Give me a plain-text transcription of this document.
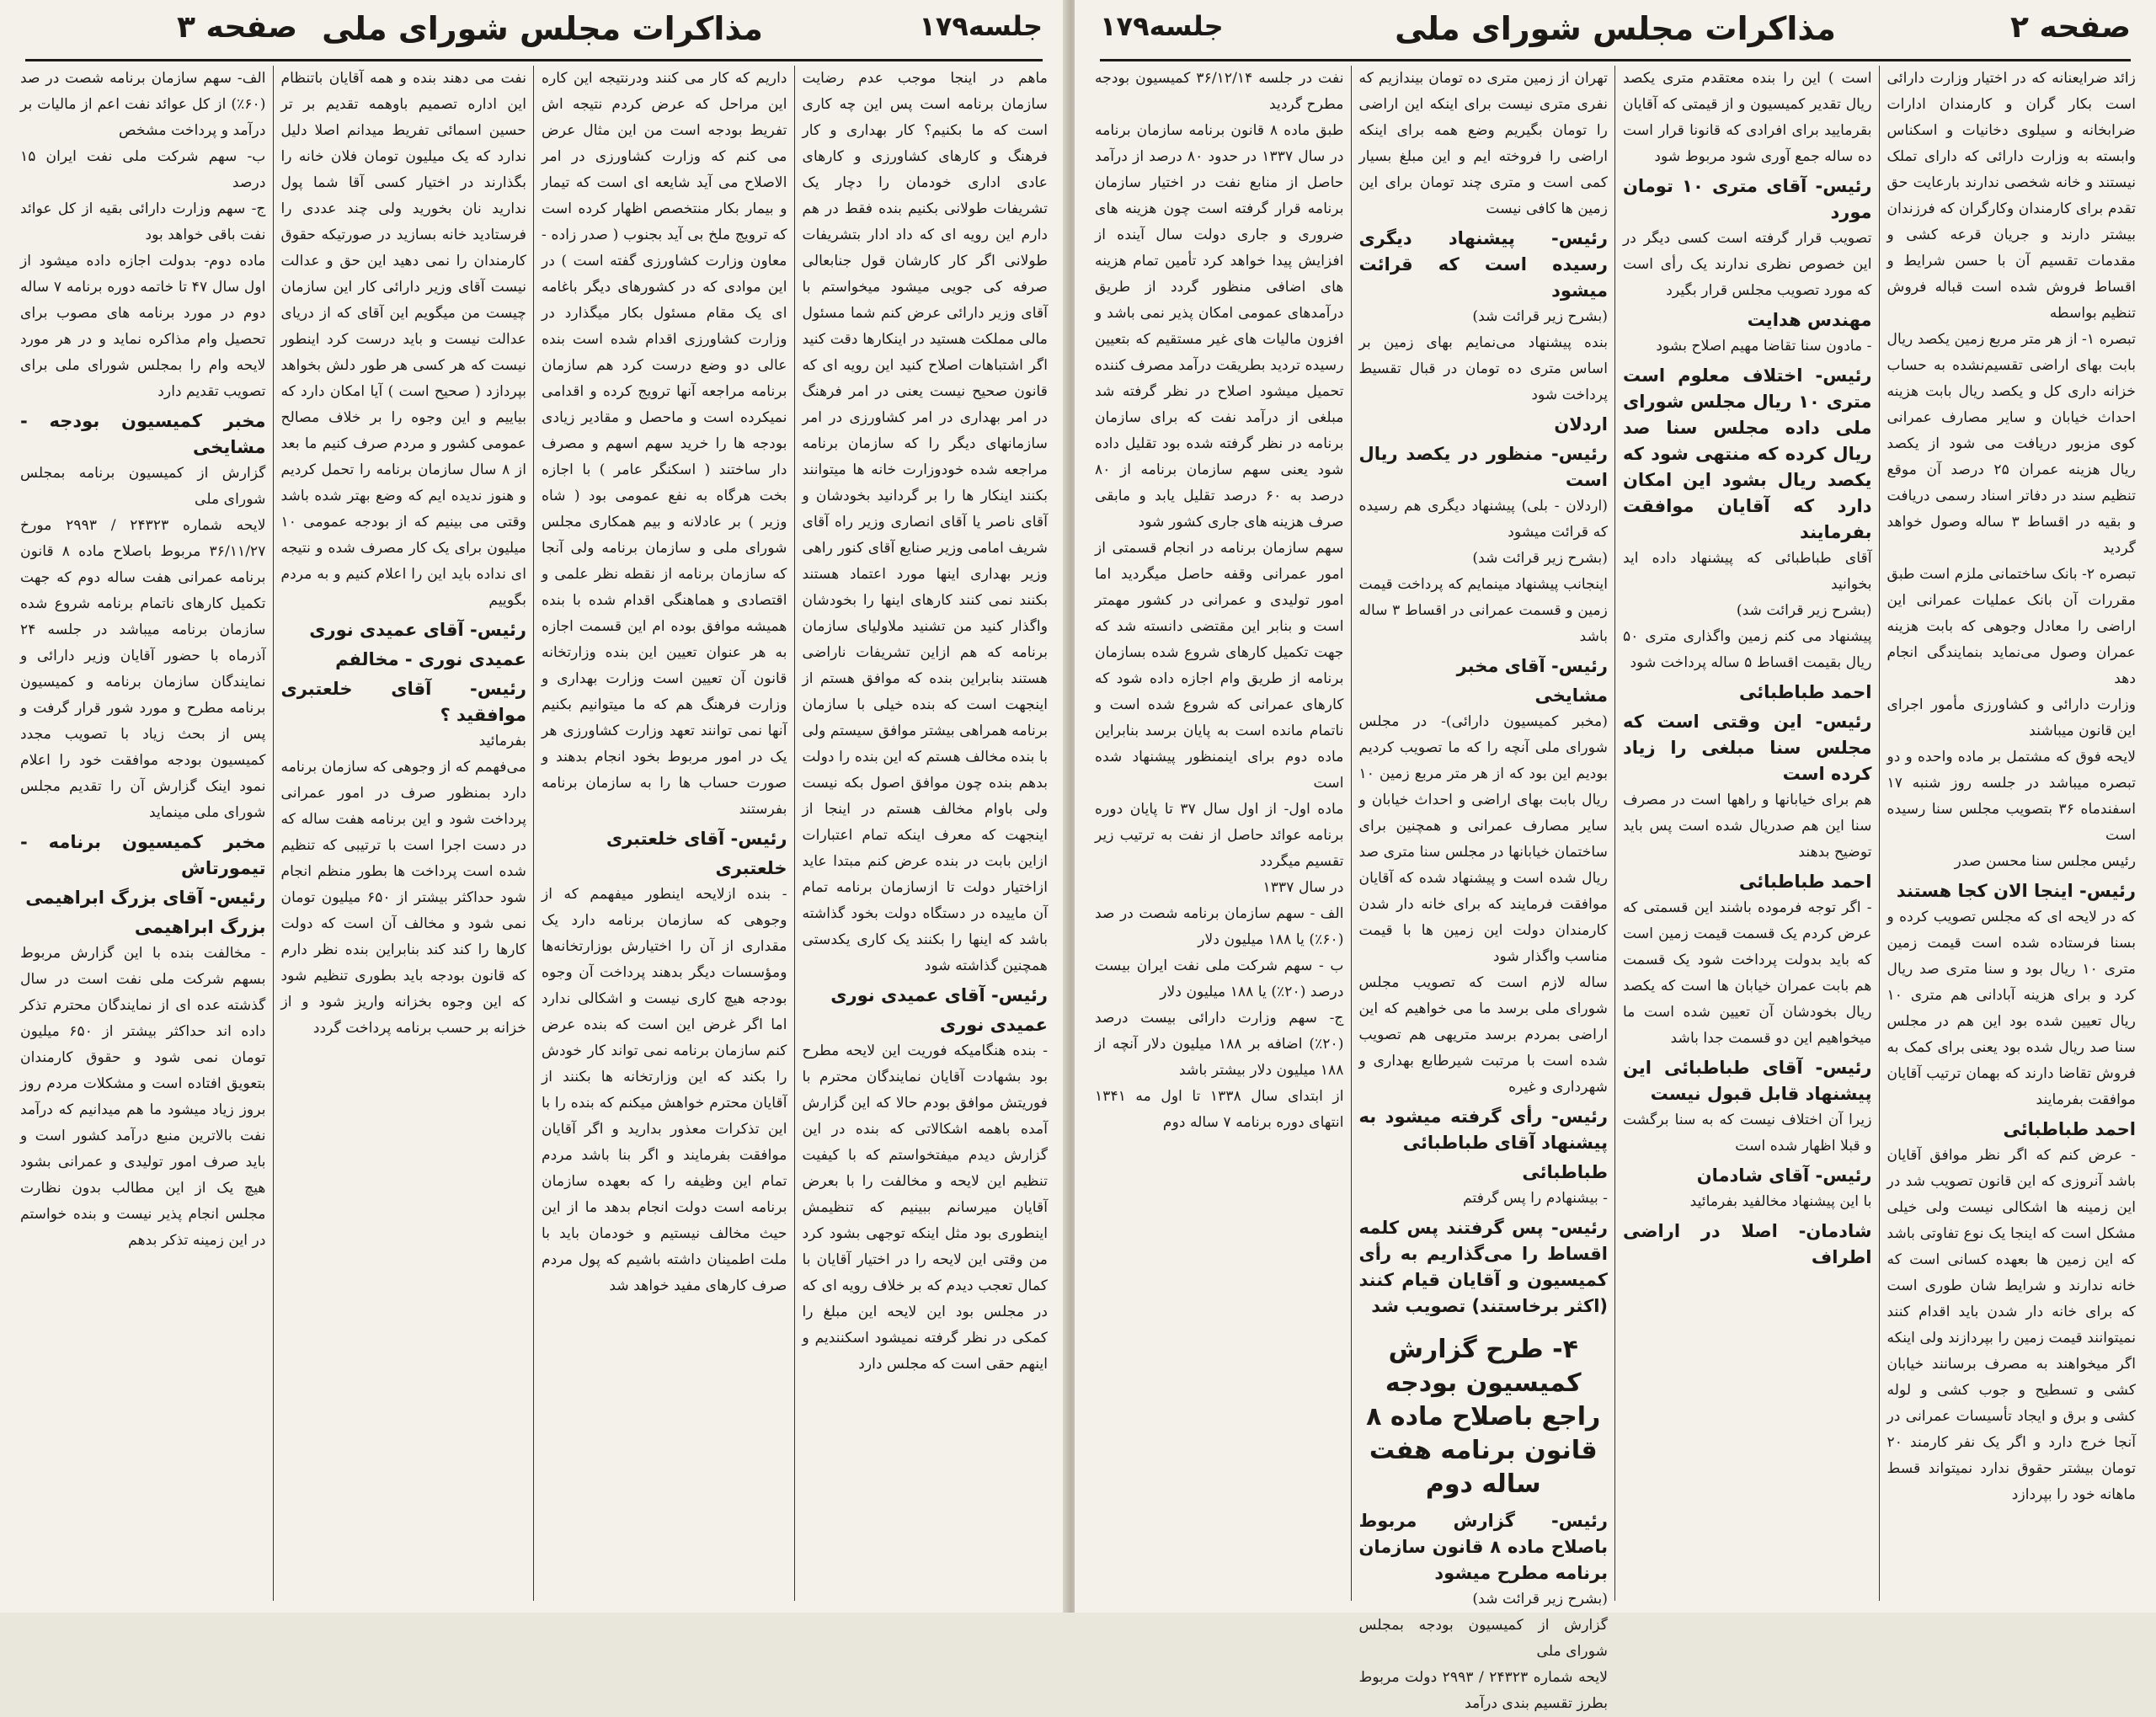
جلسه۱۷۹
مذاکرات مجلس شورای ملی
صفحه ۳
ماهم در اینجا موجب عدم رضایت سازمان برنامه است پس این چه کاری است که ما بکنیم؟ کار بهداری و کار فرهنگ و کارهای کشاورزی و کارهای عادی اداری خودمان را دچار یک تشریفات طولانی بکنیم بنده فقط در هم دارم این رویه ای که داد ادار بتشریفات طولانی اگر کار کارشان قول جنابعالی صرفه کی جویی میشود میخواستم با آقای وزیر دارائی عرض کنم شما مسئول مالی مملکت هستید در اینکارها دقت کنید اگر اشتباهات اصلاح کنید این رویه ای که قانون صحیح نیست یعنی در امر فرهنگ در امر بهداری در امر کشاورزی در امر سازمانهای دیگر را که سازمان برنامه مراجعه شده خودوزارت خانه ها میتوانند بکنند اینکار ها را بر گردانید بخودشان و آقای ناصر یا آقای انصاری وزیر راه آقای شریف امامی وزیر صنایع آقای کنور راهی وزیر بهداری اینها مورد اعتماد هستند بکنند نمی کنند کارهای اینها را بخودشان واگذار کنید من تشنید ملاولیای سازمان برنامه که هم ازاین تشریفات ناراضی هستند بنابراین بنده که موافق هستم از اینجهت است که بنده خیلی با سازمان برنامه همراهی بیشتر موافق سیستم ولی با بنده مخالف هستم که این بنده را دولت بدهم بنده چون موافق اصول بکه نیست ولی باوام مخالف هستم در اینجا از اینجهت که معرف اینکه تمام اعتبارات ازاین بابت در بنده عرض کنم مبتدا عاید ازاختیار دولت تا ازسازمان برنامه تمام آن ماییده در دستگاه دولت بخود گذاشته باشد که اینها را بکنند یک کاری یکدستی همچنین گذاشته شود
رئیس- آقای عمیدی نوری
عمیدی نوری
- بنده هنگامیکه فوریت این لایحه مطرح بود بشهادت آقایان نمایندگان محترم با فوریتش موافق بودم حالا که این گزارش آمده باهمه اشکالاتی که بنده در این گزارش دیدم میفتخواستم که با کیفیت تنظیم این لایحه و مخالفت را با بعرض آقایان میرسانم ببینیم که تنظیمش اینطوری بود مثل اینکه توجهی بشود کرد من وقتی این لایحه را در اختیار آقایان با کمال تعجب دیدم که بر خلاف رویه ای که در مجلس بود این لایحه این مبلغ را کمکی در نظر گرفته نمیشود اسکنندیم و اینهم حقی است که مجلس دارد
داریم که کار می کنند ودرنتیجه این کاره این مراحل که عرض کردم نتیجه اش تفریط بودجه است من این مثال عرض می کنم که وزارت کشاورزی در امر الاصلاح می آید شایعه ای است که تیمار و بیمار بکار منتخصص اظهار کرده است که ترویج ملخ بی آید بجنوب ( صدر زاده - معاون وزارت کشاورزی گفته است ) در این موادی که در کشورهای دیگر باغامه ای یک مقام مسئول بکار میگذارد در وزارت کشاورزی اقدام شده است بنده عالی دو وضع درست کرد هم سازمان برنامه مراجعه آنها ترویج کرده و اقدامی نمیکرده است و ماحصل و مقادیر زیادی بودجه ها را خرید سهم اسهم و مصرف دار ساختند ( اسکنگر عامر ) با اجازه بخت هرگاه به نفع عمومی بود ( شاه وزیر ) بر عادلانه و بیم همکاری مجلس شورای ملی و سازمان برنامه ولی آنجا که سازمان برنامه از نقطه نظر علمی و اقتصادی و هماهنگی اقدام شده با بنده همیشه موافق بوده ام این قسمت اجازه به هر عنوان تعیین این بنده وزارتخانه قانون آن تعیین است وزارت بهداری و وزارت فرهنگ هم که ما میتوانیم بکنیم آنها نمی توانند تعهد وزارت کشاورزی هر یک در امور مربوط بخود انجام بدهند و صورت حساب ها را به سازمان برنامه بفرستند
رئیس- آقای خلعتبری
خلعتبری
- بنده ازلایحه اینطور میفهمم که از وجوهی که سازمان برنامه دارد یک مقداری از آن را اختیارش بوزارتخانه‌ها ومؤسسات دیگر بدهند پرداخت آن وجوه بودجه هیچ کاری نیست و اشکالی ندارد اما اگر غرض این است که بنده عرض کنم سازمان برنامه نمی تواند کار خودش را بکند که این وزارتخانه ها بکنند از آقایان محترم خواهش میکنم که بنده را با این تذکرات معذور بدارید و اگر آقایان موافقت بفرمایند و اگر بنا باشد مردم تمام این وظیفه را که بعهده سازمان برنامه است دولت انجام بدهد ما از این حیث مخالف نیستیم و خودمان باید با ملت اطمینان داشته باشیم که پول مردم صرف کارهای مفید خواهد شد
نفت می دهند بنده و همه آقایان باتنظام این اداره تصمیم باوهمه تقدیم بر تر حسین اسمائی تفریط میدانم اصلا دلیل ندارد که یک میلیون تومان فلان خانه را بگذارند در اختیار کسی آقا شما پول ندارید نان بخورید ولی چند عددی را فرستادید خانه بسازید در صورتیکه حقوق کارمندان را نمی دهید این حق و عدالت نیست آقای وزیر دارائی کار این سازمان چیست من میگویم این آقای که از دریای عدالت نیست و باید درست کرد اینطور نیست که هر کسی هر طور دلش بخواهد بپردازد ( صحیح است ) آیا امکان دارد که بیاییم و این وجوه را بر خلاف مصالح عمومی کشور و مردم صرف کنیم ما بعد از ۸ سال سازمان برنامه را تحمل کردیم و هنوز ندیده ایم که وضع بهتر شده باشد وقتی می بینیم که از بودجه عمومی ۱۰ میلیون برای یک کار مصرف شده و نتیجه ای نداده باید این را اعلام کنیم و به مردم بگوییم
رئیس- آقای عمیدی نوری
عمیدی نوری - مخالفم
رئیس- آقای خلعتبری موافقید ؟
بفرمائید
می‌فهمم که از وجوهی که سازمان برنامه دارد بمنظور صرف در امور عمرانی پرداخت شود و این برنامه هفت ساله که در دست اجرا است با ترتیبی که تنظیم شده است پرداخت ها بطور منظم انجام شود حداکثر بیشتر از ۶۵۰ میلیون تومان نمی شود و مخالف آن است که دولت کارها را کند کند بنابراین بنده نظر دارم که قانون بودجه باید بطوری تنظیم شود که این وجوه بخزانه واریز شود و از خزانه بر حسب برنامه پرداخت گردد
الف- سهم سازمان برنامه شصت در صد (۶۰٪) از کل عوائد نفت اعم از مالیات بر درآمد و پرداخت مشخص
ب- سهم شرکت ملی نفت ایران ۱۵ درصد
ج- سهم وزارت دارائی بقیه از کل عوائد نفت باقی خواهد بود
ماده دوم- بدولت اجازه داده میشود از اول سال ۴۷ تا خاتمه دوره برنامه ۷ ساله دوم در مورد برنامه های مصوب برای تحصیل وام مذاکره نماید و در هر مورد لایحه وام را بمجلس شورای ملی برای تصویب تقدیم دارد
مخبر کمیسیون بودجه - مشایخی
گزارش از کمیسیون برنامه بمجلس شورای ملی
لایحه شماره ۲۴۳۲۳ / ۲۹۹۳ مورخ ۳۶/۱۱/۲۷ مربوط باصلاح ماده ۸ قانون برنامه عمرانی هفت ساله دوم که جهت تکمیل کارهای ناتمام برنامه شروع شده سازمان برنامه میباشد در جلسه ۲۴ آذرماه با حضور آقایان وزیر دارائی و نمایندگان سازمان برنامه و کمیسیون برنامه مطرح و مورد شور قرار گرفت و پس از بحث زیاد با تصویب مجدد کمیسیون بودجه موافقت خود را اعلام نمود اینک گزارش آن را تقدیم مجلس شورای ملی مینماید
مخبر کمیسیون برنامه - تیمورتاش
رئیس- آقای بزرگ ابراهیمی
بزرگ ابراهیمی
- مخالفت بنده با این گزارش مربوط بسهم شرکت ملی نفت است در سال گذشته عده ای از نمایندگان محترم تذکر داده اند حداکثر بیشتر از ۶۵۰ میلیون تومان نمی شود و حقوق کارمندان بتعویق افتاده است و مشکلات مردم روز بروز زیاد میشود ما هم میدانیم که درآمد نفت بالاترین منبع درآمد کشور است و باید صرف امور تولیدی و عمرانی بشود هیچ یک از این مطالب بدون نظارت مجلس انجام پذیر نیست و بنده خواستم در این زمینه تذکر بدهم
صفحه ۲
مذاکرات مجلس شورای ملی
جلسه۱۷۹
زائد ضرایعنانه که در اختیار وزارت دارائی است بکار گران و کارمندان ادارات ضرابخانه و سیلوی دخانیات و اسکناس وابسته به وزارت دارائی که دارای تملک نیستند و خانه شخصی ندارند بارعایت حق تقدم برای کارمندان وکارگران که فرزندان بیشتر دارند و جریان قرعه کشی و مقدمات تقسیم آن با حسن شرایط و اقساط فروش شده است قباله فروش تنظیم بواسطه
تبصره ۱- از هر متر مربع زمین یکصد ریال بابت بهای اراضی تقسیم‌نشده به حساب خزانه داری کل و یکصد ریال بابت هزینه احداث خیابان و سایر مصارف عمرانی کوی مزبور دریافت می شود از یکصد ریال هزینه عمران ۲۵ درصد آن موقع تنظیم سند در دفاتر اسناد رسمی دریافت و بقیه در اقساط ۳ ساله وصول خواهد گردید
تبصره ۲- بانک ساختمانی ملزم است طبق مقررات آن بانک عملیات عمرانی این اراضی را معادل وجوهی که بابت هزینه عمران وصول می‌نماید بنمایندگی انجام دهد
وزارت دارائی و کشاورزی مأمور اجرای این قانون میباشند
لایحه فوق که مشتمل بر ماده واحده و دو تبصره میباشد در جلسه روز شنبه ۱۷ اسفندماه ۳۶ بتصویب مجلس سنا رسیده است
رئیس مجلس سنا محسن صدر
رئیس- اینجا الان کجا هستند
که در لایحه ای که مجلس تصویب کرده و بسنا فرستاده شده است قیمت زمین متری ۱۰ ریال بود و سنا متری صد ریال کرد و برای هزینه آبادانی هم متری ۱۰ ریال تعیین شده بود این هم در مجلس سنا صد ریال شده بود یعنی برای کمک به فروش تقاضا دارند که بهمان ترتیب آقایان موافقت بفرمایند
احمد طباطبائی
- عرض کنم که اگر نظر موافق آقایان باشد آنروزی که این قانون تصویب شد در این زمینه ها اشکالی نیست ولی خیلی مشکل است که اینجا یک نوع تفاوتی باشد که این زمین ها بعهده کسانی است که خانه ندارند و شرایط شان طوری است که برای خانه دار شدن باید اقدام کنند نمیتوانند قیمت زمین را بپردازند ولی اینکه اگر میخواهند به مصرف برسانند خیابان کشی و تسطیح و جوب کشی و لوله کشی و برق و ایجاد تأسیسات عمرانی در آنجا خرج دارد و اگر یک نفر کارمند ۲۰ تومان بیشتر حقوق ندارد نمیتواند قسط ماهانه خود را بپردازد
است ) این را بنده معتقدم متری یکصد ریال تقدیر کمیسیون و از قیمتی که آقایان بقرمایید برای افرادی که قانونا قرار است ده ساله جمع آوری شود مربوط شود
رئیس- آقای متری ۱۰ تومان مورد
تصویب قرار گرفته است کسی دیگر در این خصوص نظری ندارند یک رأی است که مورد تصویب مجلس قرار بگیرد
مهندس هدایت
- مادون سنا تقاضا مهیم اصلاح بشود
رئیس- اختلاف معلوم است متری ۱۰ ریال مجلس شورای ملی داده مجلس سنا صد ریال کرده که منتهی شود که یکصد ریال بشود این امکان دارد که آقایان موافقت بفرمایند
آقای طباطبائی که پیشنهاد داده اید بخوانید
(بشرح زیر قرائت شد)
پیشنهاد می کنم زمین واگذاری متری ۵۰ ریال بقیمت اقساط ۵ ساله پرداخت شود
احمد طباطبائی
رئیس- این وقتی است که مجلس سنا مبلغی را زیاد کرده است
هم برای خیابانها و راهها است در مصرف سنا این هم صدریال شده است پس باید توضیح بدهند
احمد طباطبائی
- اگر توجه فرموده باشند این قسمتی که عرض کردم یک قسمت قیمت زمین است که باید بدولت پرداخت شود یک قسمت هم بابت عمران خیابان ها است که یکصد ریال بخودشان آن تعیین شده است ما میخواهیم این دو قسمت جدا باشد
رئیس- آقای طباطبائی این پیشنهاد قابل قبول نیست
زیرا آن اختلاف نیست که به سنا برگشت و قبلا اظهار شده است
رئیس- آقای شادمان
با این پیشنهاد مخالفید بفرمائید
شادمان- اصلا در اراضی اطراف
تهران از زمین متری ده تومان بیندازیم که نفری متری نیست برای اینکه این اراضی را تومان بگیریم وضع همه برای اینکه اراضی را فروخته ایم و این مبلغ بسیار کمی است و متری چند تومان برای این زمین ها کافی نیست
رئیس- پیشنهاد دیگری رسیده است که قرائت میشود
(بشرح زیر قرائت شد)
بنده پیشنهاد می‌نمایم بهای زمین بر اساس متری ده تومان در قبال تقسیط پرداخت شود
اردلان
رئیس- منظور در یکصد ریال است
(اردلان - بلی) پیشنهاد دیگری هم رسیده که قرائت میشود
(بشرح زیر قرائت شد)
اینجانب پیشنهاد مینمایم که پرداخت قیمت زمین و قسمت عمرانی در اقساط ۳ ساله باشد
رئیس- آقای مخبر
مشایخی
(مخبر کمیسیون دارائی)- در مجلس شورای ملی آنچه را که ما تصویب کردیم بودیم این بود که از هر متر مربع زمین ۱۰ ریال بابت بهای اراضی و احداث خیابان و سایر مصارف عمرانی و همچنین برای ساختمان خیابانها در مجلس سنا متری صد ریال شده است و پیشنهاد شده که آقایان موافقت فرمایند که برای خانه دار شدن کارمندان دولت این زمین ها با قیمت مناسب واگذار شود
ساله لازم است که تصویب مجلس شورای ملی برسد ما می خواهیم که این اراضی بمردم برسد متریهی هم تصویب شده است با مرتبت شیرطابع بهداری و شهرداری و غیره
رئیس- رأی گرفته میشود به پیشنهاد آقای طباطبائی
طباطبائی
- بیشنهادم را پس گرفتم
رئیس- پس گرفتند پس کلمه اقساط را می‌گذاریم به رأی کمیسیون و آقایان قیام کنند (اکثر برخاستند) تصویب شد
۴- طرح گزارش کمیسیون بودجه راجع باصلاح ماده ۸ قانون برنامه هفت ساله دوم
رئیس- گزارش مربوط باصلاح ماده ۸ قانون سازمان برنامه مطرح میشود
(بشرح زیر قرائت شد)
گزارش از کمیسیون بودجه بمجلس شورای ملی
لایحه شماره ۲۴۳۲۳ / ۲۹۹۳ دولت مربوط بطرز تقسیم بندی درآمد
نفت در جلسه ۳۶/۱۲/۱۴ کمیسیون بودجه مطرح گردید
طبق ماده ۸ قانون برنامه سازمان برنامه در سال ۱۳۳۷ در حدود ۸۰ درصد از درآمد حاصل از منابع نفت در اختیار سازمان برنامه قرار گرفته است چون هزینه های ضروری و جاری دولت سال آینده از افزایش پیدا خواهد کرد تأمین تمام هزینه های اضافی منظور گردد از طریق درآمدهای عمومی امکان پذیر نمی باشد و افزون مالیات های غیر مستقیم که بتعیین رسیده تردید بطریقت درآمد مصرف کننده تحمیل میشود اصلاح در نظر گرفته شد مبلغی از درآمد نفت که برای سازمان برنامه در نظر گرفته شده بود تقلیل داده شود یعنی سهم سازمان برنامه از ۸۰ درصد به ۶۰ درصد تقلیل یابد و مابقی صرف هزینه های جاری کشور شود
سهم سازمان برنامه در انجام قسمتی از امور عمرانی وقفه حاصل میگردید اما امور تولیدی و عمرانی در کشور مهمتر است و بنابر این مقتضی دانسته شد که جهت تکمیل کارهای شروع شده بسازمان برنامه از طریق وام اجازه داده شود که کارهای عمرانی که شروع شده است و ناتمام مانده است به پایان برسد بنابراین ماده دوم برای اینمنظور پیشنهاد شده است
ماده اول- از اول سال ۳۷ تا پایان دوره برنامه عوائد حاصل از نفت به ترتیب زیر تقسیم میگردد
در سال ۱۳۳۷
الف - سهم سازمان برنامه شصت در صد (۶۰٪) یا ۱۸۸ میلیون دلار
ب - سهم شرکت ملی نفت ایران بیست درصد (۲۰٪) یا ۱۸۸ میلیون دلار
ج- سهم وزارت دارائی بیست درصد (۲۰٪) اضافه بر ۱۸۸ میلیون دلار آنچه از ۱۸۸ میلیون دلار بیشتر باشد
از ابتدای سال ۱۳۳۸ تا اول مه ۱۳۴۱ انتهای دوره برنامه ۷ ساله دوم
